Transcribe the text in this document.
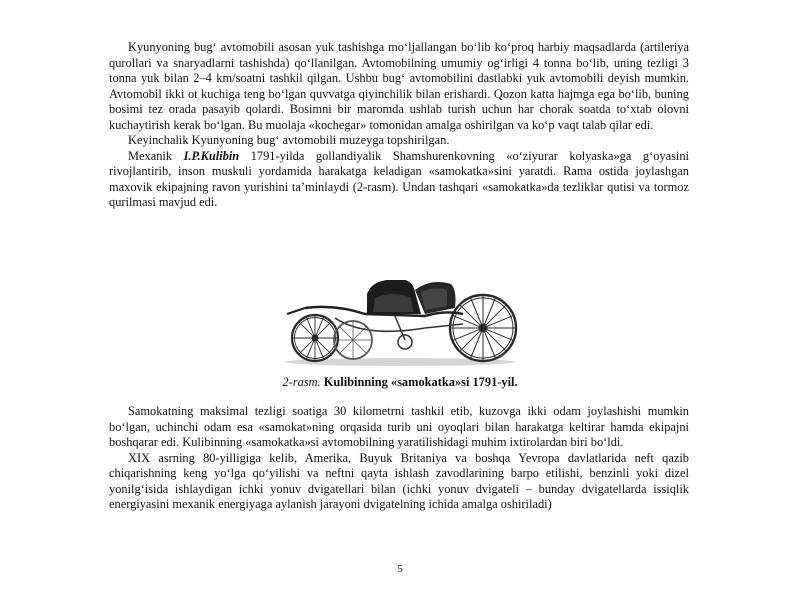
Kyunyoning bug‘ avtomobili asosan yuk tashishga mo‘ljallangan bo‘lib ko‘proq harbiy maqsadlarda (artileriya qurollari va snaryadlarni tashishda) qo‘llanilgan. Avtomobilning umumiy og‘irligi 4 tonna bo‘lib, uning tezligi 3 tonna yuk bilan 2–4 km/soatni tashkil qilgan. Ushbu bug‘ avtomobilini dastlabki yuk avtomobili deyish mumkin. Avtomobil ikki ot kuchiga teng bo‘lgan quvvatga qiyinchilik bilan erishardi. Qozon katta hajmga ega bo‘lib, buning bosimi tez orada pasayib qolardi. Bosimni bir maromda ushlab turish uchun har chorak soatda to‘xtab olovni kuchaytirish kerak bo‘lgan. Bu muolaja «kochegar» tomonidan amalga oshirilgan va ko‘p vaqt talab qilar edi.

Keyinchalik Kyunyoning bug‘ avtomobili muzeyga topshirilgan.

Mexanik I.P.Kulibin 1791-yilda gollandiyalik Shamshurenkovning «o‘ziyurar kolyaska»ga g‘oyasini rivojlantirib, inson muskuli yordamida harakatga keladigan «samokatka»sini yaratdi. Rama ostida joylashgan maxovik ekipajning ravon yurishini ta’minlaydi (2-rasm). Undan tashqari «samokatka»da tezliklar qutisi va tormoz qurilmasi mavjud edi.

2-rasm. Kulibinning «samokatka»si 1791-yil.

Samokatning maksimal tezligi soatiga 30 kilometrni tashkil etib, kuzovga ikki odam joylashishi mumkin bo‘lgan, uchinchi odam esa «samokat»ning orqasida turib uni oyoqlari bilan harakatga keltirar hamda ekipajni boshqarar edi. Kulibinning «samokatka»si avtomobilning yaratilishidagi muhim ixtirolardan biri bo‘ldi.

XIX asrning 80-yilligiga kelib, Amerika, Buyuk Britaniya va boshqa Yevropa davlatlarida neft qazib chiqarishning keng yo‘lga qo‘yilishi va neftni qayta ishlash zavodlarining barpo etilishi, benzinli yoki dizel yonilg‘isida ishlaydigan ichki yonuv dvigatellari bilan (ichki yonuv dvigateli – bunday dvigatellarda issiqlik energiyasini mexanik energiyaga aylanish jarayoni dvigatelning ichida amalga oshiriladi)

5
